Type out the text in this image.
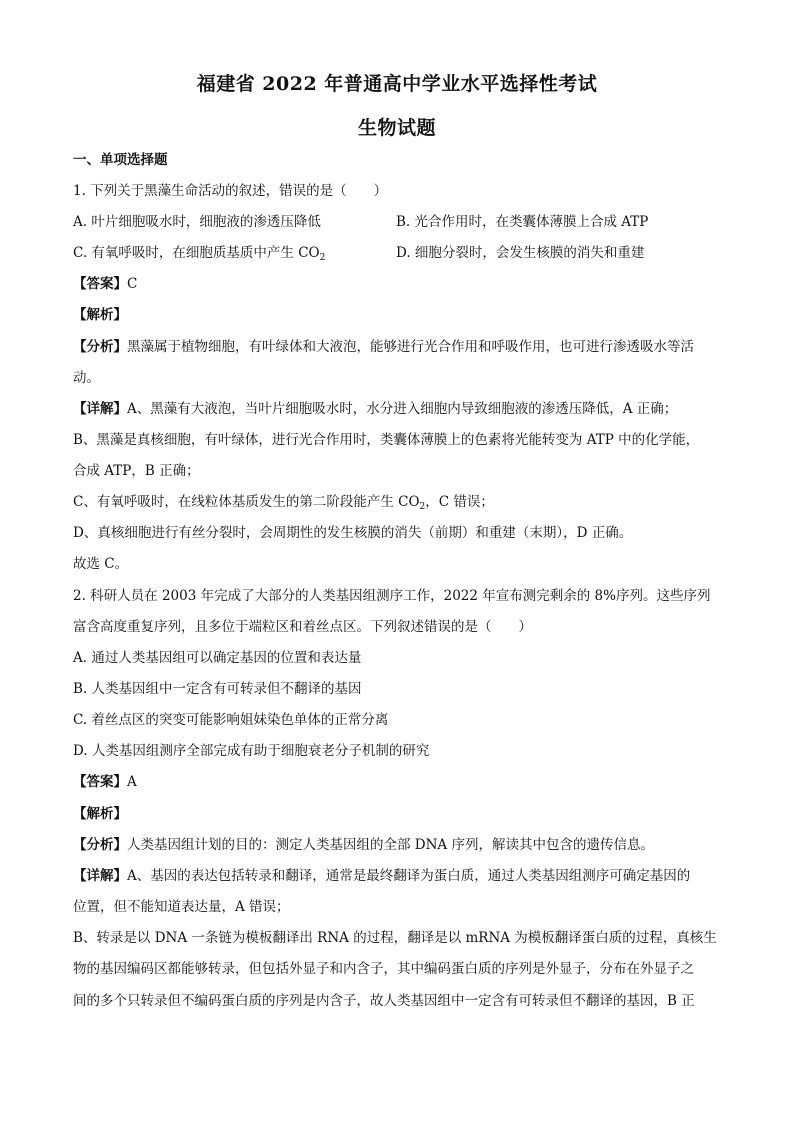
福建省 2022 年普通高中学业水平选择性考试
生物试题
一、单项选择题
1. 下列关于黑藻生命活动的叙述，错误的是（　　）
A. 叶片细胞吸水时，细胞液的渗透压降低	B. 光合作用时，在类囊体薄膜上合成 ATP
C. 有氧呼吸时，在细胞质基质中产生 $CO_2$	D. 细胞分裂时，会发生核膜的消失和重建
【答案】C
【解析】
【分析】黑藻属于植物细胞，有叶绿体和大液泡，能够进行光合作用和呼吸作用，也可进行渗透吸水等活
动。
【详解】A、黑藻有大液泡，当叶片细胞吸水时，水分进入细胞内导致细胞液的渗透压降低，A 正确；
B、黑藻是真核细胞，有叶绿体，进行光合作用时，类囊体薄膜上的色素将光能转变为 ATP 中的化学能，
合成 ATP，B 正确；
C、有氧呼吸时，在线粒体基质发生的第二阶段能产生 $CO_2$，C 错误；
D、真核细胞进行有丝分裂时，会周期性的发生核膜的消失（前期）和重建（末期），D 正确。
故选 C。
2. 科研人员在 2003 年完成了大部分的人类基因组测序工作，2022 年宣布测完剩余的 8%序列。这些序列
富含高度重复序列，且多位于端粒区和着丝点区。下列叙述错误的是（　　）
A. 通过人类基因组可以确定基因的位置和表达量
B. 人类基因组中一定含有可转录但不翻译的基因
C. 着丝点区的突变可能影响姐妹染色单体的正常分离
D. 人类基因组测序全部完成有助于细胞衰老分子机制的研究
【答案】A
【解析】
【分析】人类基因组计划的目的：测定人类基因组的全部 DNA 序列，解读其中包含的遗传信息。
【详解】A、基因的表达包括转录和翻译，通常是最终翻译为蛋白质，通过人类基因组测序可确定基因的
位置，但不能知道表达量，A 错误；
B、转录是以 DNA 一条链为模板翻译出 RNA 的过程，翻译是以 mRNA 为模板翻译蛋白质的过程，真核生
物的基因编码区都能够转录，但包括外显子和内含子，其中编码蛋白质的序列是外显子，分布在外显子之
间的多个只转录但不编码蛋白质的序列是内含子，故人类基因组中一定含有可转录但不翻译的基因，B 正
